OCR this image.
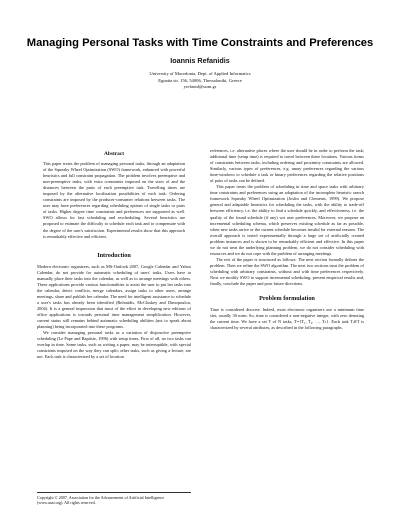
Managing Personal Tasks with Time Constraints and Preferences
Ioannis Refanidis
University of Macedonia, Dept. of Applied Informatics
Egnatia str. 156, 54006, Thessaloniki, Greece
yrefanid@uom.gr
Abstract

This paper treats the problem of managing personal tasks, through an adaptation of the Squeaky Wheel Optimization (SWO) framework, enhanced with powerful heuristics and full constraint propagation. The problem involves preemptive and non-preemptive tasks, with extra constraints imposed on the sizes of and the distances between the parts of each preemptive task. Travelling times are imposed by the alternative localization possibilities of each task. Ordering constraints are imposed by the producer-consumer relations between tasks. The user may have preferences regarding scheduling options of single tasks or pairs of tasks. Higher degree time constraints and preferences are supported as well. SWO allows for fast scheduling and rescheduling. Several heuristics are proposed to estimate the difficulty to schedule each task and to compensate with the degree of the user's satisfaction. Experimental results show that this approach is remarkably effective and efficient.

Introduction

Modern electronic organizers, such as MS-Outlook 2007, Google Calendar and Yahoo Calendar, do not provide for automatic scheduling of users' tasks. Users have to manually place their tasks into the calendar, as well as to arrange meetings with others. These applications provide various functionalities to assist the user to put her tasks into the calendar, detect conflicts, merge calendars, assign tasks to other users, arrange meetings, share and publish her calendar. The need for intelligent assistance to schedule a user's tasks has already been identified (Refanidis, McCluskey and Dimopoulou, 2004). It is a general impression that most of the effort in developing new editions of office applications is towards personal time management simplification. However, current status still remains behind automatic scheduling abilities (not to speak about planning) being incorporated into these programs.

We consider managing personal tasks as a variation of disjunctive preemptive scheduling (Le Pape and Baptiste, 1996) with setup times. First of all, no two tasks can overlap in time. Some tasks, such as writing a paper, may be interruptible, with special constraints imposed on the way they can split; other tasks, such as giving a lecture, are not. Each task is characterized by a set of location

references, i.e. alternative places where the user should be in order to perform the task; additional time (setup time) is required to travel between these locations. Various forms of constraints between tasks, including ordering and proximity constraints are allowed. Similarly, various types of preferences, e.g. unary preferences regarding the various time-windows to schedule a task or binary preferences regarding the relative positions of pairs of tasks can be defined.

This paper treats the problem of scheduling in time and space tasks with arbitrary time constraints and preferences using an adaptation of the incomplete heuristic search framework Squeaky Wheel Optimization (Joslin and Clements, 1999). We propose general and adaptable heuristics for scheduling the tasks, with the ability to trade-off between efficiency, i.e. the ability to find a schedule quickly, and effectiveness, i.e. the quality of the found schedule (if any) wrt user preferences. Moreover, we propose an incremental scheduling schema, which preserves existing schedule as far as possible, when new tasks arrive or the current schedule becomes invalid for external reasons. The overall approach is tested experimentally through a large set of artificially created problem instances and is shown to be remarkably efficient and effective. In this paper we do not treat the underlying planning problem, we do not consider scheduling with resources and we do not cope with the problem of arranging meetings.

The rest of the paper is structured as follows: The next section formally defines the problem. Then we refine the SWO algorithm. The next two sections treat the problem of scheduling with arbitrary constraints, without and with time preferences respectively. Next we modify SWO to support incremental scheduling, present empirical results and, finally, conclude the paper and pose future directions.

Problem formulation

Time is considered discrete. Indeed, most electronic organizers use a minimum time slot, usually 30 mins. So, time is considered a non-negative integer, with zero denoting the current time. We have a set T of N tasks, T={T₁, T₂, …, Tₙ}. Each task Tᵢ∈T is characterized by several attributes, as described in the following paragraphs.

Copyright © 2007, Association for the Advancement of Artificial Intelligence (www.aaai.org). All rights reserved.
